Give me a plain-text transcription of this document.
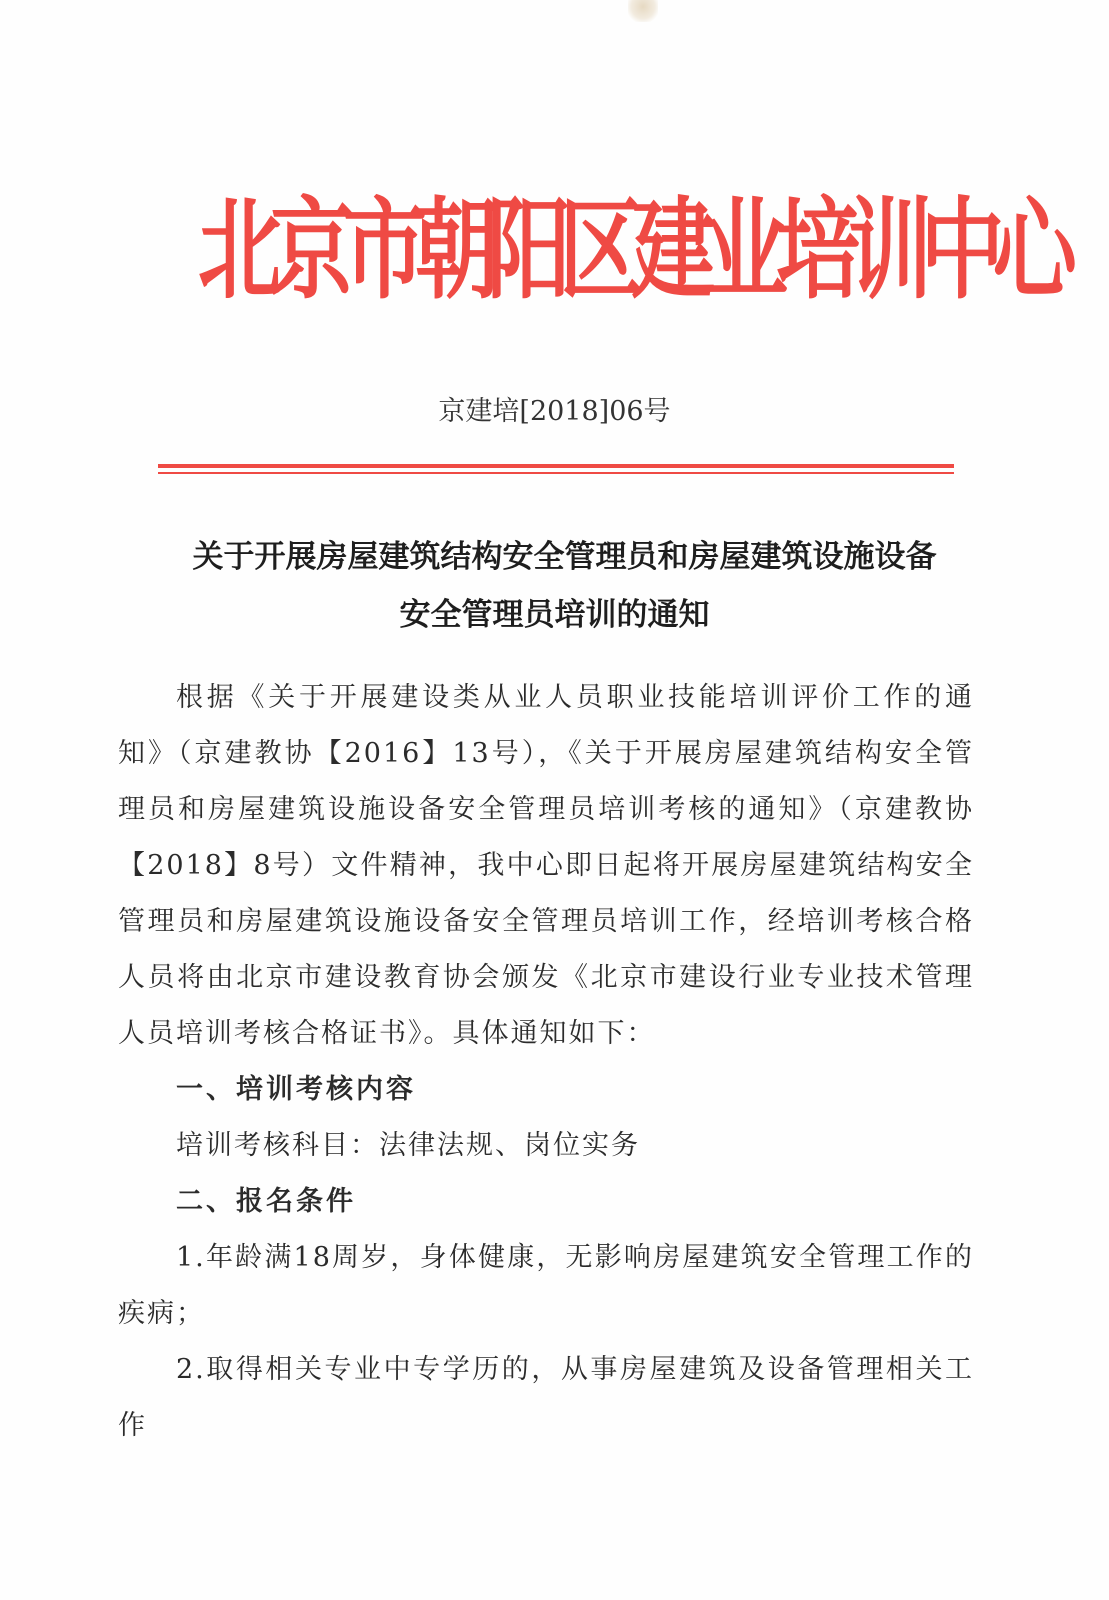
北京市朝阳区建业培训中心
京建培[2018]06号
关于开展房屋建筑结构安全管理员和房屋建筑设施设备
安全管理员培训的通知

根据《关于开展建设类从业人员职业技能培训评价工作的通知》（京建教协【2016】13号），《关于开展房屋建筑结构安全管理员和房屋建筑设施设备安全管理员培训考核的通知》（京建教协【2018】8号）文件精神，我中心即日起将开展房屋建筑结构安全管理员和房屋建筑设施设备安全管理员培训工作，经培训考核合格人员将由北京市建设教育协会颁发《北京市建设行业专业技术管理人员培训考核合格证书》。具体通知如下：

一、培训考核内容

培训考核科目：法律法规、岗位实务

二、报名条件

1.年龄满18周岁，身体健康，无影响房屋建筑安全管理工作的疾病；

2.取得相关专业中专学历的，从事房屋建筑及设备管理相关工作
